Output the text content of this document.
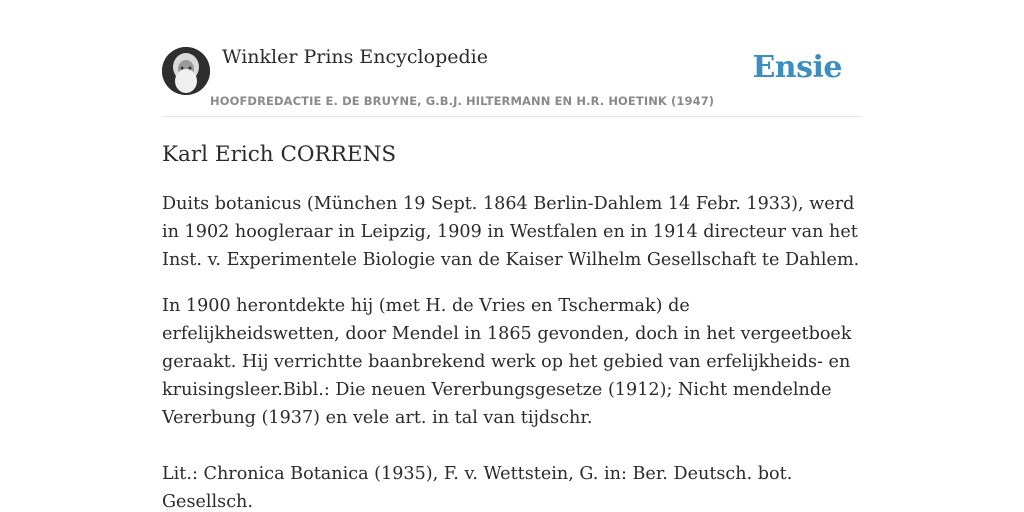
Winkler Prins Encyclopedie
HOOFDREDACTIE E. DE BRUYNE, G.B.J. HILTERMANN EN H.R. HOETINK (1947)
Ensie
Karl Erich CORRENS

Duits botanicus (München 19 Sept. 1864 Berlin-Dahlem 14 Febr. 1933), werd in 1902 hoogleraar in Leipzig, 1909 in Westfalen en in 1914 directeur van het Inst. v. Experimentele Biologie van de Kaiser Wilhelm Gesellschaft te Dahlem.

In 1900 herontdekte hij (met H. de Vries en Tschermak) de erfelijkheidswetten, door Mendel in 1865 gevonden, doch in het vergeetboek geraakt. Hij verrichtte baanbrekend werk op het gebied van erfelijkheids- en kruisingsleer.Bibl.: Die neuen Vererbungsgesetze (1912); Nicht mendelnde Vererbung (1937) en vele art. in tal van tijdschr.

Lit.: Chronica Botanica (1935), F. v. Wettstein, G. in: Ber. Deutsch. bot. Gesellsch.
